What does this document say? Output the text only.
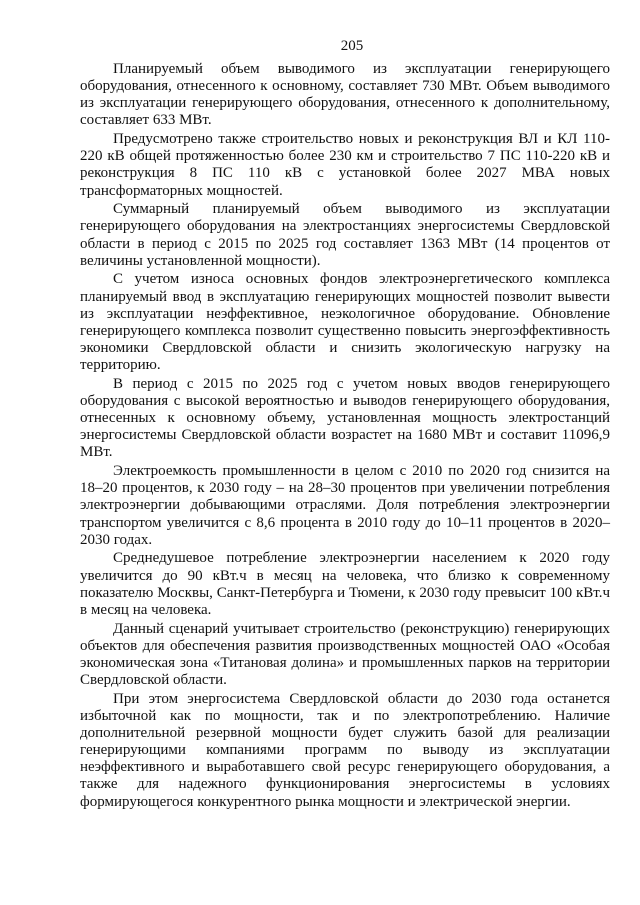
205

Планируемый объем выводимого из эксплуатации генерирующего оборудования, отнесенного к основному, составляет 730 МВт. Объем выводимого из эксплуатации генерирующего оборудования, отнесенного к дополнительному, составляет 633 МВт.

Предусмотрено также строительство новых и реконструкция ВЛ и КЛ 110-220 кВ общей протяженностью более 230 км и строительство 7 ПС 110-220 кВ и реконструкция 8 ПС 110 кВ с установкой более 2027 МВА новых трансформаторных мощностей.

Суммарный планируемый объем выводимого из эксплуатации генерирующего оборудования на электростанциях энергосистемы Свердловской области в период с 2015 по 2025 год составляет 1363 МВт (14 процентов от величины установленной мощности).

С учетом износа основных фондов электроэнергетического комплекса планируемый ввод в эксплуатацию генерирующих мощностей позволит вывести из эксплуатации неэффективное, неэкологичное оборудование. Обновление генерирующего комплекса позволит существенно повысить энергоэффективность экономики Свердловской области и снизить экологическую нагрузку на территорию.

В период с 2015 по 2025 год с учетом новых вводов генерирующего оборудования с высокой вероятностью и выводов генерирующего оборудования, отнесенных к основному объему, установленная мощность электростанций энергосистемы Свердловской области возрастет на 1680 МВт и составит 11096,9 МВт.

Электроемкость промышленности в целом с 2010 по 2020 год снизится на 18–20 процентов, к 2030 году – на 28–30 процентов при увеличении потребления электроэнергии добывающими отраслями. Доля потребления электроэнергии транспортом увеличится с 8,6 процента в 2010 году до 10–11 процентов в 2020–2030 годах.

Среднедушевое потребление электроэнергии населением к 2020 году увеличится до 90 кВт.ч в месяц на человека, что близко к современному показателю Москвы, Санкт-Петербурга и Тюмени, к 2030 году превысит 100 кВт.ч в месяц на человека.

Данный сценарий учитывает строительство (реконструкцию) генерирующих объектов для обеспечения развития производственных мощностей ОАО «Особая экономическая зона «Титановая долина» и промышленных парков на территории Свердловской области.

При этом энергосистема Свердловской области до 2030 года останется избыточной как по мощности, так и по электропотреблению. Наличие дополнительной резервной мощности будет служить базой для реализации генерирующими компаниями программ по выводу из эксплуатации неэффективного и выработавшего свой ресурс генерирующего оборудования, а также для надежного функционирования энергосистемы в условиях формирующегося конкурентного рынка мощности и электрической энергии.
